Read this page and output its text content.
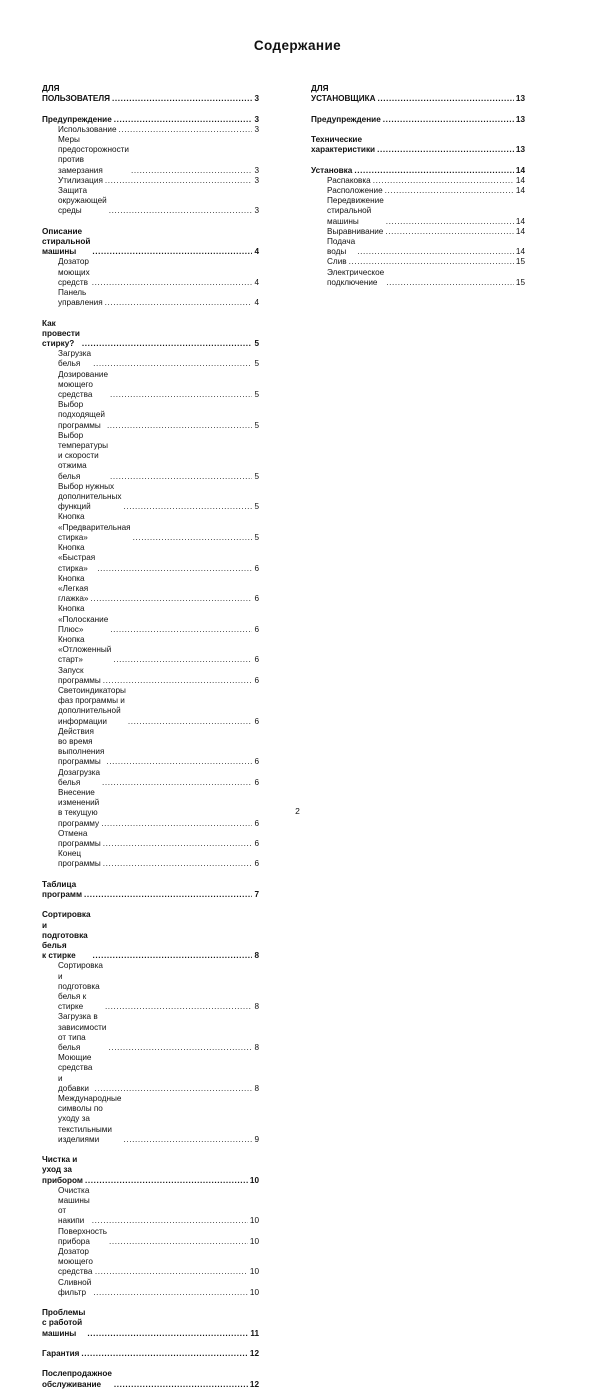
Содержание
ДЛЯ ПОЛЬЗОВАТЕЛЯ .....	3
Предупреждение .....	3
Использование .....	3
Меры предосторожности против
замерзания .....	3
Утилизация .....	3
Защита окружающей среды .....	3
Описание стиральной машины .....	4
Дозатор моющих средств .....	4
Панель управления .....	4
Как провести стирку? .....	5
Загрузка белья .....	5
Дозирование моющего средства .....	5
Выбор подходящей программы .....	5
Выбор температуры и скорости
отжима белья .....	5
Выбор нужных дополнительных функций .....	5
Кнопка «Предварительная стирка» .....	5
Кнопка «Быстрая стирка» .....	6
Кнопка «Легкая глажка» .....	6
Кнопка «Полоскание Плюс» .....	6
Кнопка «Отложенный старт» .....	6
Запуск программы .....	6
Светоиндикаторы фаз программы и
дополнительной информации .....	6
Действия во время выполнения
программы .....	6
Дозагрузка белья .....	6
Внесение изменений в текущую
программу .....	6
Отмена программы .....	6
Конец программы .....	6
Таблица программ .....	7
Сортировка и подготовка белья
к стирке .....	8
Сортировка и подготовка белья к стирке .....	8
Загрузка в зависимости от типа белья .....	8
Моющие средства и добавки .....	8
Международные символы по уходу за
текстильными изделиями .....	9
Чистка и уход за прибором .....	10
Очистка машины от накипи .....	10
Поверхность прибора .....	10
Дозатор моющего средства .....	10
Сливной фильтр .....	10
Проблемы с работой машины .....	11
Гарантия .....	12
Послепродажное обслуживание .....	12
ДЛЯ УСТАНОВЩИКА .....	13
Предупреждение .....	13
Технические характеристики .....	13
Установка .....	14
Распаковка .....	14
Расположение .....	14
Передвижение стиральной машины .....	14
Выравнивание .....	14
Подача воды .....	14
Слив .....	15
Электрическое подключение .....	15
2
